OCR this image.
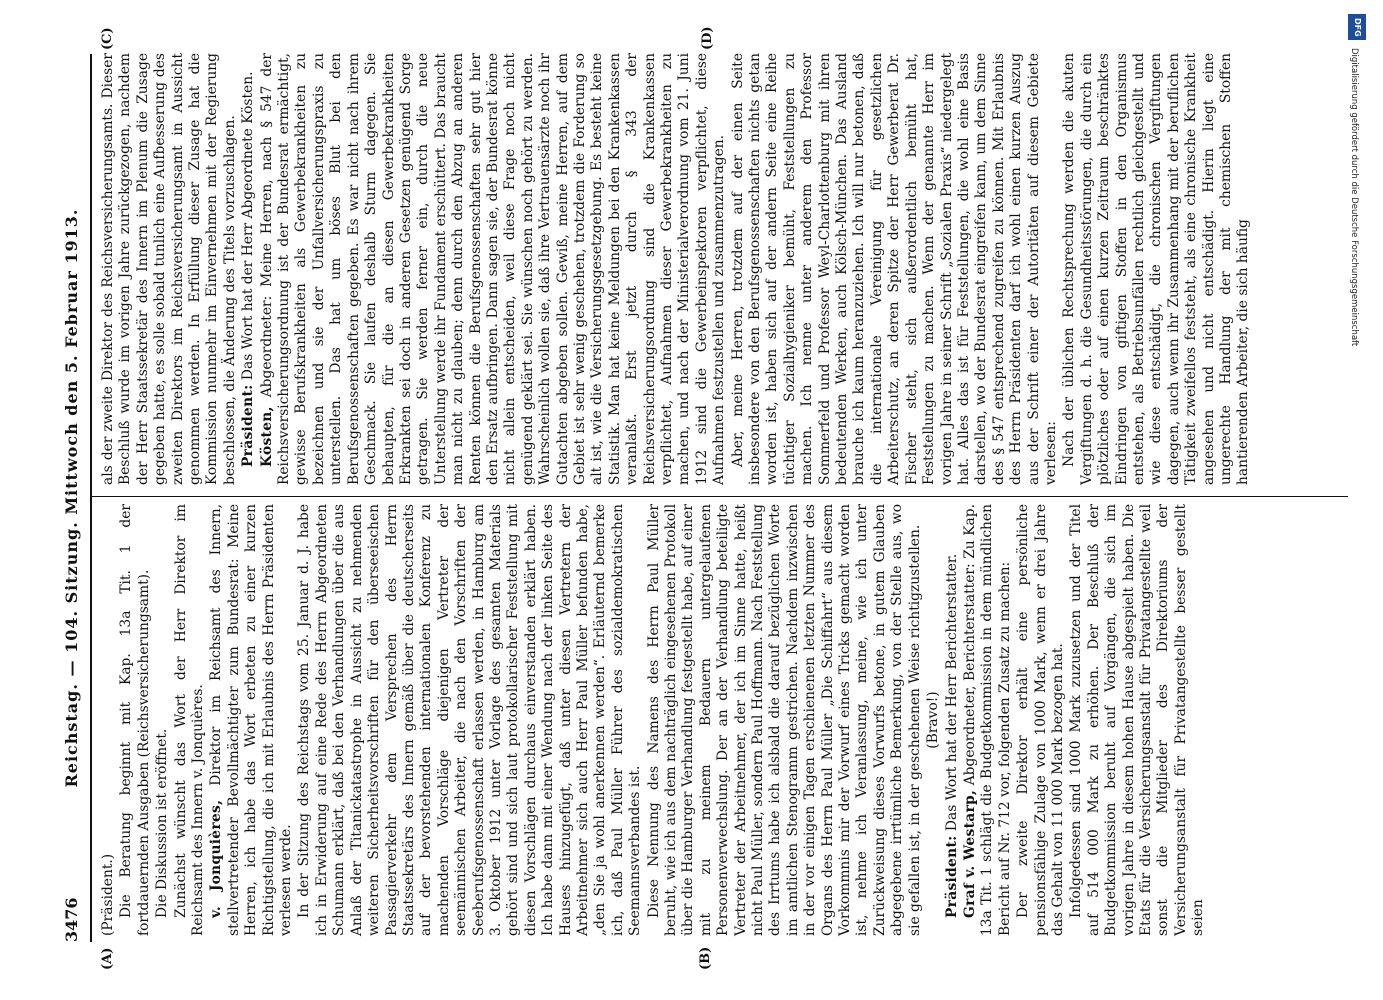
3476
Reichstag. — 104. Sitzung. Mittwoch den 5. Februar 1913.
(A)	(B)
(C)	(D)

(Präsident.) Die Beratung beginnt mit Kap. 13a Tit. 1 der fortdauernden Ausgaben (Reichsversicherungsamt). Die Diskussion ist eröffnet. Zunächst wünscht das Wort der Herr Direktor im Reichsamt des Innern v. Jonquières. v. Jonquières, Direktor im Reichsamt des Innern, stellvertretender Bevollmächtigter zum Bundesrat: Meine Herren, ich habe das Wort erbeten zu einer kurzen Richtigstellung, die ich mit Erlaubnis des Herrn Präsidenten verlesen werde. In der Sitzung des Reichstags vom 25. Januar d. J. habe ich in Erwiderung auf eine Rede des Herrn Abgeordneten Schumann erklärt, daß bei den Verhandlungen über die aus Anlaß der Titanickatastrophe in Aussicht zu nehmenden weiteren Sicherheitsvorschriften für den überseeischen Passagierverkehr dem Versprechen des Herrn Staatssekretärs des Innern gemäß über die deutscherseits auf der bevorstehenden internationalen Konferenz zu machenden Vorschläge diejenigen Vertreter der seemännischen Arbeiter, die nach den Vorschriften der Seeberufsgenossenschaft erlassen werden, in Hamburg am 3. Oktober 1912 unter Vorlage des gesamten Materials gehört sind und sich laut protokollarischer Feststellung mit diesen Vorschlägen durchaus einverstanden erklärt haben. Ich habe dann mit einer Wendung nach der linken Seite des Hauses hinzugefügt, daß unter diesen Vertretern der Arbeitnehmer sich auch Herr Paul Müller befunden habe, „den Sie ja wohl anerkennen werden“. Erläuternd bemerke ich, daß Paul Müller Führer des sozialdemokratischen Seemannsverbandes ist. Diese Nennung des Namens des Herrn Paul Müller beruht, wie ich aus dem nachträglich eingesehenen Protokoll über die Hamburger Verhandlung festgestellt habe, auf einer mit zu meinem Bedauern untergelaufenen Personenverwechslung. Der an der Verhandlung beteiligte Vertreter der Arbeitnehmer, der ich im Sinne hatte, heißt nicht Paul Müller, sondern Paul Hoffmann. Nach Feststellung des Irrtums habe ich alsbald die darauf bezüglichen Worte im amtlichen Stenogramm gestrichen. Nachdem inzwischen in der vor einigen Tagen erschienenen letzten Nummer des Organs des Herrn Paul Müller „Die Schiffahrt“ aus diesem Vorkommnis mir der Vorwurf eines Tricks gemacht worden ist, nehme ich Veranlassung, meine, wie ich unter Zurückweisung dieses Vorwurfs betone, in gutem Glauben abgegebene irrtümliche Bemerkung, von der Stelle aus, wo sie gefallen ist, in der geschehenen Weise richtigzustellen. (Bravo!)

Präsident: Das Wort hat der Herr Berichterstatter.

Graf v. Westarp, Abgeordneter, Berichterstatter: Zu Kap. 13a Tit. 1 schlägt die Budgetkommission in dem mündlichen Bericht auf Nr. 712 vor, folgenden Zusatz zu machen: Der zweite Direktor erhält eine persönliche pensionsfähige Zulage von 1000 Mark, wenn er drei Jahre das Gehalt von 11 000 Mark bezogen hat. Infolgedessen sind 1000 Mark zuzusetzen und der Titel auf 514 000 Mark zu erhöhen. Der Beschluß der Budgetkommission beruht auf Vorgängen, die sich im vorigen Jahre in diesem hohen Hause abgespielt haben. Die Etats für die Versicherungsanstalt für Privatangestellte weil sonst die Mitglieder des Direktoriums der Versicherungsanstalt für Privatangestellte besser gestellt seien

als der zweite Direktor des Reichsversicherungsamts. Dieser Beschluß wurde im vorigen Jahre zurückgezogen, nachdem der Herr Staatssekretär des Innern im Plenum die Zusage gegeben hatte, es solle sobald tunlich eine Aufbesserung des zweiten Direktors im Reichsversicherungsamt in Aussicht genommen werden. In Erfüllung dieser Zusage hat die Kommission nunmehr im Einvernehmen mit der Regierung beschlossen, die Änderung des Titels vorzuschlagen. Präsident: Das Wort hat der Herr Abgeordnete Kösten.

Kösten, Abgeordneter: Meine Herren, nach § 547 der Reichsversicherungsordnung ist der Bundesrat ermächtigt, gewisse Berufskrankheiten als Gewerbekrankheiten zu bezeichnen und sie der Unfallversicherungspraxis zu unterstellen. Das hat um böses Blut bei den Berufsgenossenschaften gegeben. Es war nicht nach ihrem Geschmack. Sie laufen deshalb Sturm dagegen. Sie behaupten, für die an diesen Gewerbekrankheiten Erkrankten sei doch in anderen Gesetzen genügend Sorge getragen. Sie werden ferner ein, durch die neue Unterstellung werde ihr Fundament erschüttert. Das braucht man nicht zu glauben; denn durch den Abzug an anderen Renten können die Berufsgenossenschaften sehr gut hier den Ersatz aufbringen. Dann sagen sie, der Bundesrat könne nicht allein entscheiden, weil diese Frage noch nicht genügend geklärt sei. Sie wünschen noch gehört zu werden. Wahrscheinlich wollen sie, daß ihre Vertrauensärzte noch ihr Gutachten abgeben sollen. Gewiß, meine Herren, auf dem Gebiet ist sehr wenig geschehen, trotzdem die Forderung so alt ist, wie die Versicherungsgesetzgebung. Es besteht keine Statistik. Man hat keine Meldungen bei den Krankenkassen veranlaßt. Erst jetzt durch § 343 der Reichsversicherungsordnung sind die Krankenkassen verpflichtet, Aufnahmen dieser Gewerbekrankheiten zu machen, und nach der Ministerialverordnung vom 21. Juni 1912 sind die Gewerbeinspektoren verpflichtet, diese Aufnahmen festzustellen und zusammenzutragen. Aber, meine Herren, trotzdem auf der einen Seite insbesondere von den Berufsgenossenschaften nichts getan worden ist, haben sich auf der andern Seite eine Reihe tüchtiger Sozialhygieniker bemüht, Feststellungen zu machen. Ich nenne unter anderem den Professor Sommerfeld und Professor Weyl-Charlottenburg mit ihren bedeutenden Werken, auch Kölsch-München. Das Ausland brauche ich kaum heranzuziehen. Ich will nur betonen, daß die internationale Vereinigung für gesetzlichen Arbeiterschutz, an deren Spitze der Herr Gewerberat Dr. Fischer steht, sich außerordentlich bemüht hat, Feststellungen zu machen. Wenn der genannte Herr im vorigen Jahre in seiner Schrift „Sozialen Praxis“ niedergelegt hat. Alles das ist für Feststellungen, die wohl eine Basis darstellen, wo der Bundesrat eingreifen kann, um dem Sinne des § 547 entsprechend zugreifen zu können. Mit Erlaubnis des Herrn Präsidenten darf ich wohl einen kurzen Auszug aus der Schrift einer der Autoritäten auf diesem Gebiete verlesen: Nach der üblichen Rechtsprechung werden die akuten Vergiftungen d. h. die Gesundheitsstörungen, die durch ein plötzliches oder auf einen kurzen Zeitraum beschränktes Eindringen von giftigen Stoffen in den Organismus entstehen, als Betriebsunfällen rechtlich gleichgestellt und wie diese entschädigt, die chronischen Vergiftungen dagegen, auch wenn ihr Zusammenhang mit der beruflichen Tätigkeit zweifellos feststeht, als eine chronische Krankheit angesehen und nicht entschädigt. Hierin liegt eine ungerechte Handlung der mit chemischen Stoffen hantierenden Arbeiter, die sich häufig

DFG
Digitalisierung gefördert durch die Deutsche Forschungsgemeinschaft
